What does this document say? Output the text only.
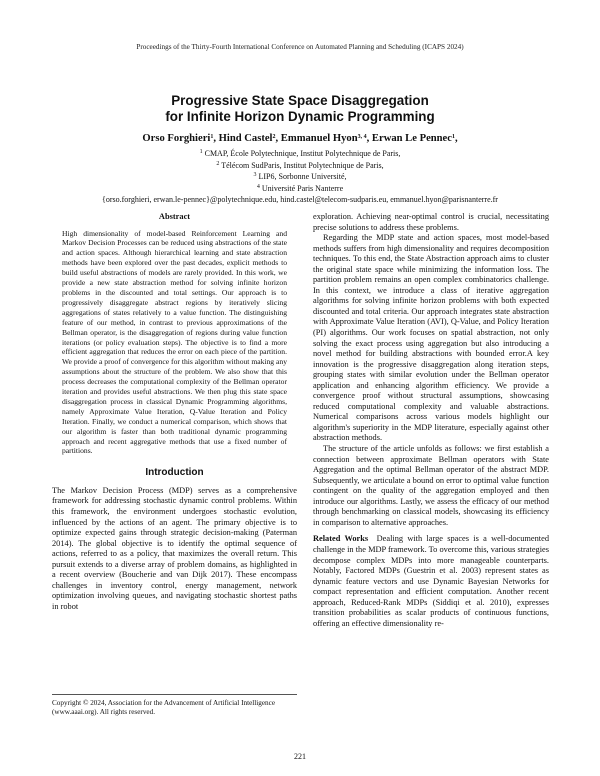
Proceedings of the Thirty-Fourth International Conference on Automated Planning and Scheduling (ICAPS 2024)
Progressive State Space Disaggregation
for Infinite Horizon Dynamic Programming
Orso Forghieri$^1$, Hind Castel$^2$, Emmanuel Hyon$^{3, 4}$, Erwan Le Pennec$^1$,
$^1$ CMAP, École Polytechnique, Institut Polytechnique de Paris,
$^2$ Télécom SudParis, Institut Polytechnique de Paris,
$^3$ LIP6, Sorbonne Université,
$^4$ Université Paris Nanterre
{orso.forghieri, erwan.le-pennec}@polytechnique.edu, hind.castel@telecom-sudparis.eu, emmanuel.hyon@parisnanterre.fr
Abstract

High dimensionality of model-based Reinforcement Learning and Markov Decision Processes can be reduced using abstractions of the state and action spaces. Although hierarchical learning and state abstraction methods have been explored over the past decades, explicit methods to build useful abstractions of models are rarely provided. In this work, we provide a new state abstraction method for solving infinite horizon problems in the discounted and total settings. Our approach is to progressively disaggregate abstract regions by iteratively slicing aggregations of states relatively to a value function. The distinguishing feature of our method, in contrast to previous approximations of the Bellman operator, is the disaggregation of regions during value function iterations (or policy evaluation steps). The objective is to find a more efficient aggregation that reduces the error on each piece of the partition. We provide a proof of convergence for this algorithm without making any assumptions about the structure of the problem. We also show that this process decreases the computational complexity of the Bellman operator iteration and provides useful abstractions. We then plug this state space disaggregation process in classical Dynamic Programming algorithms, namely Approximate Value Iteration, Q-Value Iteration and Policy Iteration. Finally, we conduct a numerical comparison, which shows that our algorithm is faster than both traditional dynamic programming approach and recent aggregative methods that use a fixed number of partitions.

Introduction

The Markov Decision Process (MDP) serves as a comprehensive framework for addressing stochastic dynamic control problems. Within this framework, the environment undergoes stochastic evolution, influenced by the actions of an agent. The primary objective is to optimize expected gains through strategic decision-making (Paterman 2014). The global objective is to identify the optimal sequence of actions, referred to as a policy, that maximizes the overall return. This pursuit extends to a diverse array of problem domains, as highlighted in a recent overview (Boucherie and van Dijk 2017). These encompass challenges in inventory control, energy management, network optimization involving queues, and navigating stochastic shortest paths in robot

exploration. Achieving near-optimal control is crucial, necessitating precise solutions to address these problems.

Regarding the MDP state and action spaces, most model-based methods suffers from high dimensionality and requires decomposition techniques. To this end, the State Abstraction approach aims to cluster the original state space while minimizing the information loss. The partition problem remains an open complex combinatorics challenge. In this context, we introduce a class of iterative aggregation algorithms for solving infinite horizon problems with both expected discounted and total criteria. Our approach integrates state abstraction with Approximate Value Iteration (AVI), Q-Value, and Policy Iteration (PI) algorithms. Our work focuses on spatial abstraction, not only solving the exact process using aggregation but also introducing a novel method for building abstractions with bounded error.A key innovation is the progressive disaggregation along iteration steps, grouping states with similar evolution under the Bellman operator application and enhancing algorithm efficiency. We provide a convergence proof without structural assumptions, showcasing reduced computational complexity and valuable abstractions. Numerical comparisons across various models highlight our algorithm's superiority in the MDP literature, especially against other abstraction methods.

The structure of the article unfolds as follows: we first establish a connection between approximate Bellman operators with State Aggregation and the optimal Bellman operator of the abstract MDP. Subsequently, we articulate a bound on error to optimal value function contingent on the quality of the aggregation employed and then introduce our algorithms. Lastly, we assess the efficacy of our method through benchmarking on classical models, showcasing its efficiency in comparison to alternative approaches.

Related Works Dealing with large spaces is a well-documented challenge in the MDP framework. To overcome this, various strategies decompose complex MDPs into more manageable counterparts. Notably, Factored MDPs (Guestrin et al. 2003) represent states as dynamic feature vectors and use Dynamic Bayesian Networks for compact representation and efficient computation. Another recent approach, Reduced-Rank MDPs (Siddiqi et al. 2010), expresses transition probabilities as scalar products of continuous functions, offering an effective dimensionality re-

Copyright © 2024, Association for the Advancement of Artificial Intelligence (www.aaai.org). All rights reserved.
221
